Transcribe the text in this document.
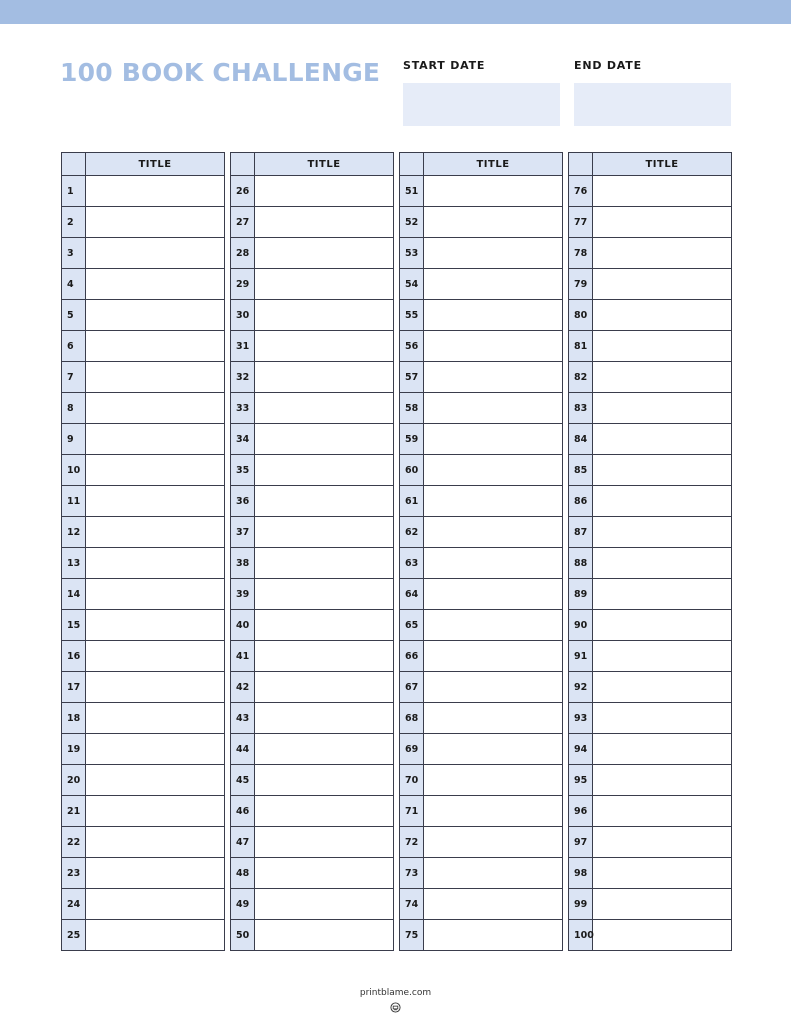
100 BOOK CHALLENGE START DATE	END DATE
	TITLE
1	
2	
3	
4	
5	
6	
7	
8	
9	
10	
11	
12	
13	
14	
15	
16	
17	
18	
19	
20	
21	
22	
23	
24	
25	
	TITLE
26	
27	
28	
29	
30	
31	
32	
33	
34	
35	
36	
37	
38	
39	
40	
41	
42	
43	
44	
45	
46	
47	
48	
49	
50	
	TITLE
51	
52	
53	
54	
55	
56	
57	
58	
59	
60	
61	
62	
63	
64	
65	
66	
67	
68	
69	
70	
71	
72	
73	
74	
75	
	TITLE
76	
77	
78	
79	
80	
81	
82	
83	
84	
85	
86	
87	
88	
89	
90	
91	
92	
93	
94	
95	
96	
97	
98	
99	
100	
printblame.com
